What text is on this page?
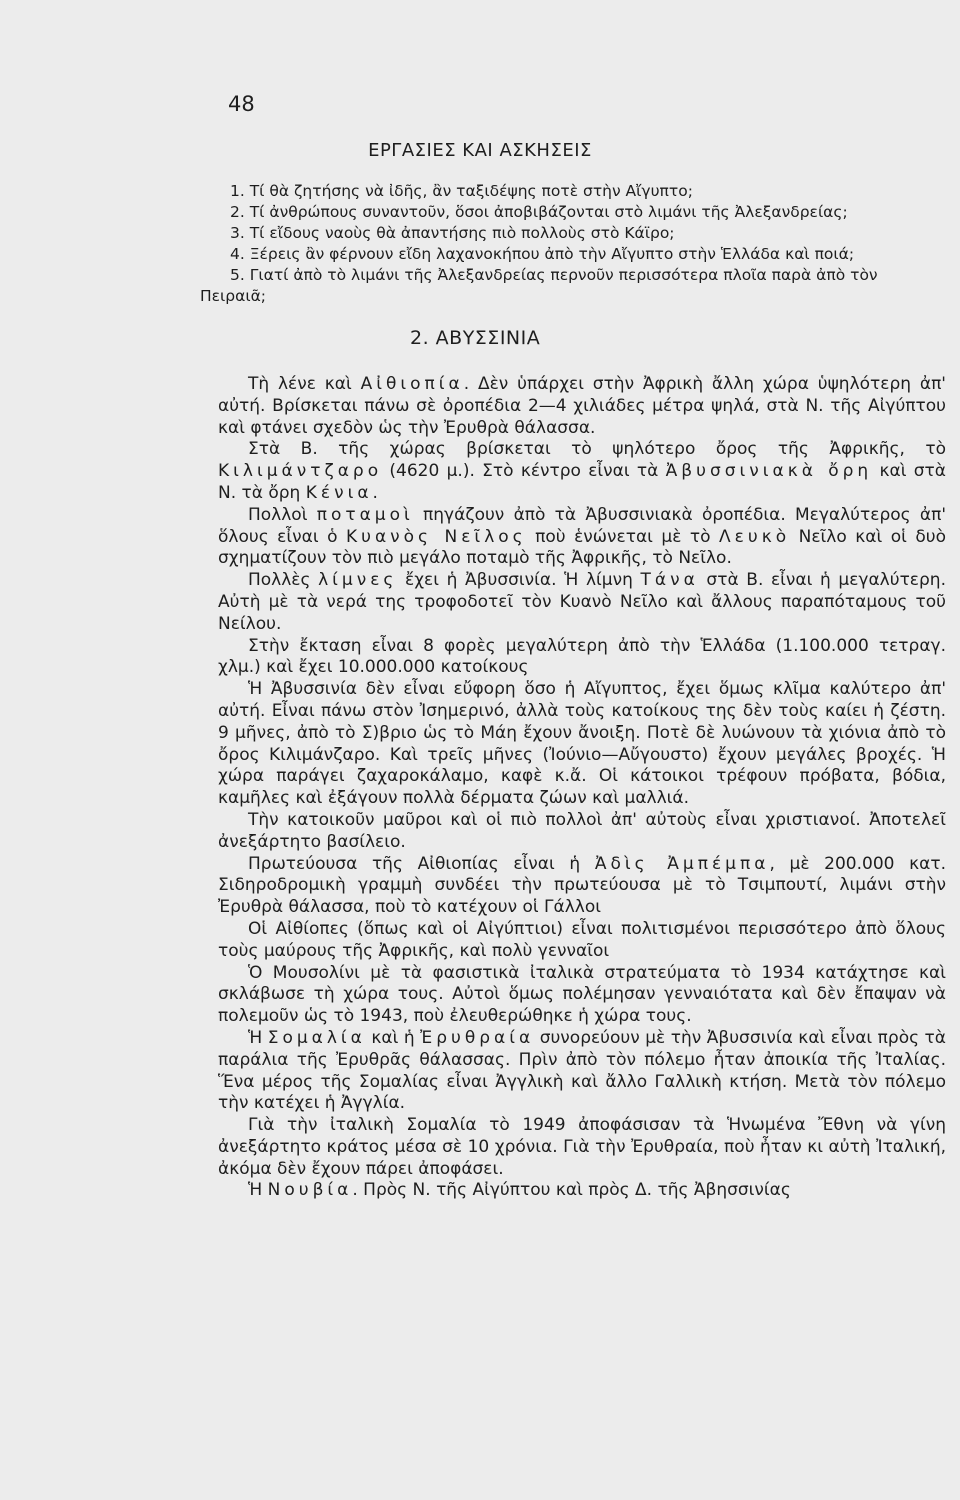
48
ΕΡΓΑΣΙΕΣ ΚΑΙ ΑΣΚΗΣΕΙΣ
1. Τί θὰ ζητήσης νὰ ἰδῆς, ἂν ταξιδέψης ποτὲ στὴν Αἴγυπτο;
2. Τί ἀνθρώπους συναντοῦν, ὅσοι ἀποβιβάζονται στὸ λιμάνι τῆς Ἀλεξανδρείας;
3. Τί εἴδους ναοὺς θὰ ἀπαντήσης πιὸ πολλοὺς στὸ Κάϊρο;
4. Ξέρεις ἂν φέρνουν εἴδη λαχανοκήπου ἀπὸ τὴν Αἴγυπτο στὴν Ἑλλάδα καὶ ποιά;
5. Γιατί ἀπὸ τὸ λιμάνι τῆς Ἀλεξανδρείας περνοῦν περισσότερα πλοῖα παρὰ ἀπὸ τὸν
Πειραιᾶ;
2. ΑΒΥΣΣΙΝΙΑ

Τὴ λένε καὶ Αἰθιοπία. Δὲν ὑπάρχει στὴν Ἀφρικὴ ἄλλη χώρα ὑψηλότερη ἀπ' αὐτή. Βρίσκεται πάνω σὲ ὀροπέδια 2—4 χιλιάδες μέτρα ψηλά, στὰ Ν. τῆς Αἰγύπτου καὶ φτάνει σχεδὸν ὡς τὴν Ἐρυθρὰ θάλασσα.

Στὰ Β. τῆς χώρας βρίσκεται τὸ ψηλότερο ὄρος τῆς Ἀφρικῆς, τὸ Κιλιμάντζαρο (4620 μ.). Στὸ κέντρο εἶναι τὰ Ἀβυσσινιακὰ ὄρη καὶ στὰ Ν. τὰ ὄρη Κένια.

Πολλοὶ ποταμοὶ πηγάζουν ἀπὸ τὰ Ἀβυσσινιακὰ ὀροπέδια. Μεγαλύτερος ἀπ' ὅλους εἶναι ὁ Κυανὸς Νεῖλος ποὺ ἑνώνεται μὲ τὸ Λευκὸ Νεῖλο καὶ οἱ δυὸ σχηματίζουν τὸν πιὸ μεγάλο ποταμὸ τῆς Ἀφρικῆς, τὸ Νεῖλο.

Πολλὲς λίμνες ἔχει ἡ Ἀβυσσινία. Ἡ λίμνη Τάνα στὰ Β. εἶναι ἡ μεγαλύτερη. Αὐτὴ μὲ τὰ νερά της τροφοδοτεῖ τὸν Κυανὸ Νεῖλο καὶ ἄλλους παραπόταμους τοῦ Νείλου.

Στὴν ἔκταση εἶναι 8 φορὲς μεγαλύτερη ἀπὸ τὴν Ἑλλάδα (1.100.000 τετραγ. χλμ.) καὶ ἔχει 10.000.000 κατοίκους

Ἡ Ἀβυσσινία δὲν εἶναι εὔφορη ὅσο ἡ Αἴγυπτος, ἔχει ὅμως κλῖμα καλύτερο ἀπ' αὐτή. Εἶναι πάνω στὸν Ἰσημερινό, ἀλλὰ τοὺς κατοίκους της δὲν τοὺς καίει ἡ ζέστη. 9 μῆνες, ἀπὸ τὸ Σ)βριο ὡς τὸ Μάη ἔχουν ἄνοιξη. Ποτὲ δὲ λυώνουν τὰ χιόνια ἀπὸ τὸ ὄρος Κιλιμάνζαρο. Καὶ τρεῖς μῆνες (Ἰούνιο—Αὔγουστο) ἔχουν μεγάλες βροχές. Ἡ χώρα παράγει ζαχαροκάλαμο, καφὲ κ.ἄ. Οἱ κάτοικοι τρέφουν πρόβατα, βόδια, καμῆλες καὶ ἐξάγουν πολλὰ δέρματα ζώων καὶ μαλλιά.

Τὴν κατοικοῦν μαῦροι καὶ οἱ πιὸ πολλοὶ ἀπ' αὐτοὺς εἶναι χριστιανοί. Ἀποτελεῖ ἀνεξάρτητο βασίλειο.

Πρωτεύουσα τῆς Αἰθιοπίας εἶναι ἡ Ἀδὶς Ἀμπέμπα, μὲ 200.000 κατ. Σιδηροδρομικὴ γραμμὴ συνδέει τὴν πρωτεύουσα μὲ τὸ Τσιμπουτί, λιμάνι στὴν Ἐρυθρὰ θάλασσα, ποὺ τὸ κατέχουν οἱ Γάλλοι

Οἱ Αἰθίοπες (ὅπως καὶ οἱ Αἰγύπτιοι) εἶναι πολιτισμένοι περισσότερο ἀπὸ ὅλους τοὺς μαύρους τῆς Ἀφρικῆς, καὶ πολὺ γενναῖοι

Ὁ Μουσολίνι μὲ τὰ φασιστικὰ ἰταλικὰ στρατεύματα τὸ 1934 κατάχτησε καὶ σκλάβωσε τὴ χώρα τους. Αὐτοὶ ὅμως πολέμησαν γενναιότατα καὶ δὲν ἔπαψαν νὰ πολεμοῦν ὡς τὸ 1943, ποὺ ἐλευθερώθηκε ἡ χώρα τους.

Ἡ Σομαλία καὶ ἡ Ἐρυθραία συνορεύουν μὲ τὴν Ἀβυσσινία καὶ εἶναι πρὸς τὰ παράλια τῆς Ἐρυθρᾶς θάλασσας. Πρὶν ἀπὸ τὸν πόλεμο ἦταν ἀποικία τῆς Ἰταλίας. Ἕνα μέρος τῆς Σομαλίας εἶναι Ἀγγλικὴ καὶ ἄλλο Γαλλικὴ κτήση. Μετὰ τὸν πόλεμο τὴν κατέχει ἡ Ἀγγλία.

Γιὰ τὴν ἰταλικὴ Σομαλία τὸ 1949 ἀποφάσισαν τὰ Ἡνωμένα Ἔθνη νὰ γίνη ἀνεξάρτητο κράτος μέσα σὲ 10 χρόνια. Γιὰ τὴν Ἐρυθραία, ποὺ ἦταν κι αὐτὴ Ἰταλική, ἀκόμα δὲν ἔχουν πάρει ἀποφάσει.

Ἡ Νουβία. Πρὸς Ν. τῆς Αἰγύπτου καὶ πρὸς Δ. τῆς Ἀβησσινίας
